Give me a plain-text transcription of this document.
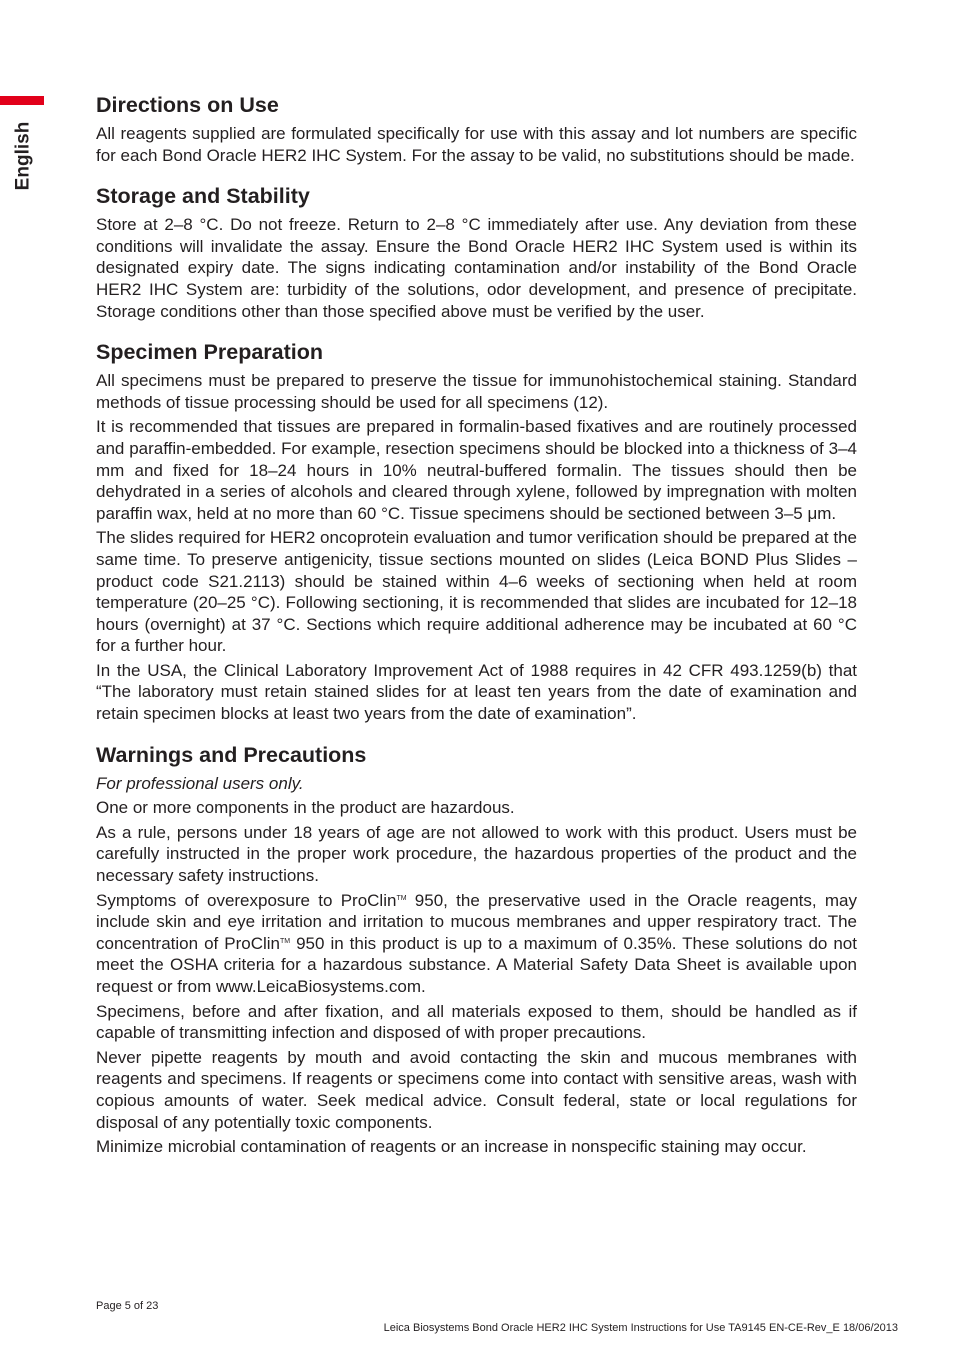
English
Directions on Use

All reagents supplied are formulated specifically for use with this assay and lot numbers are specific for each Bond Oracle HER2 IHC System. For the assay to be valid, no substitutions should be made.

Storage and Stability

Store at 2–8 °C. Do not freeze. Return to 2–8 °C immediately after use. Any deviation from these conditions will invalidate the assay. Ensure the Bond Oracle HER2 IHC System used is within its designated expiry date. The signs indicating contamination and/or instability of the Bond Oracle HER2 IHC System are: turbidity of the solutions, odor development, and presence of precipitate. Storage conditions other than those specified above must be verified by the user.

Specimen Preparation

All specimens must be prepared to preserve the tissue for immunohistochemical staining. Standard methods of tissue processing should be used for all specimens (12).

It is recommended that tissues are prepared in formalin-based fixatives and are routinely processed and paraffin-embedded. For example, resection specimens should be blocked into a thickness of 3–4 mm and fixed for 18–24 hours in 10% neutral-buffered formalin. The tissues should then be dehydrated in a series of alcohols and cleared through xylene, followed by impregnation with molten paraffin wax, held at no more than 60 °C. Tissue specimens should be sectioned between 3–5 μm.

The slides required for HER2 oncoprotein evaluation and tumor verification should be prepared at the same time. To preserve antigenicity, tissue sections mounted on slides (Leica BOND Plus Slides – product code S21.2113) should be stained within 4–6 weeks of sectioning when held at room temperature (20–25 °C). Following sectioning, it is recommended that slides are incubated for 12–18 hours (overnight) at 37 °C. Sections which require additional adherence may be incubated at 60 °C for a further hour.

In the USA, the Clinical Laboratory Improvement Act of 1988 requires in 42 CFR 493.1259(b) that “The laboratory must retain stained slides for at least ten years from the date of examination and retain specimen blocks at least two years from the date of examination”.

Warnings and Precautions

For professional users only.

One or more components in the product are hazardous.

As a rule, persons under 18 years of age are not allowed to work with this product. Users must be carefully instructed in the proper work procedure, the hazardous properties of the product and the necessary safety instructions.

Symptoms of overexposure to ProClin™ 950, the preservative used in the Oracle reagents, may include skin and eye irritation and irritation to mucous membranes and upper respiratory tract. The concentration of ProClin™ 950 in this product is up to a maximum of 0.35%. These solutions do not meet the OSHA criteria for a hazardous substance. A Material Safety Data Sheet is available upon request or from www.LeicaBiosystems.com.

Specimens, before and after fixation, and all materials exposed to them, should be handled as if capable of transmitting infection and disposed of with proper precautions.

Never pipette reagents by mouth and avoid contacting the skin and mucous membranes with reagents and specimens. If reagents or specimens come into contact with sensitive areas, wash with copious amounts of water. Seek medical advice. Consult federal, state or local regulations for disposal of any potentially toxic components.

Minimize microbial contamination of reagents or an increase in nonspecific staining may occur.

Page 5 of 23
Leica Biosystems Bond Oracle HER2 IHC System Instructions for Use TA9145 EN-CE-Rev_E 18/06/2013
